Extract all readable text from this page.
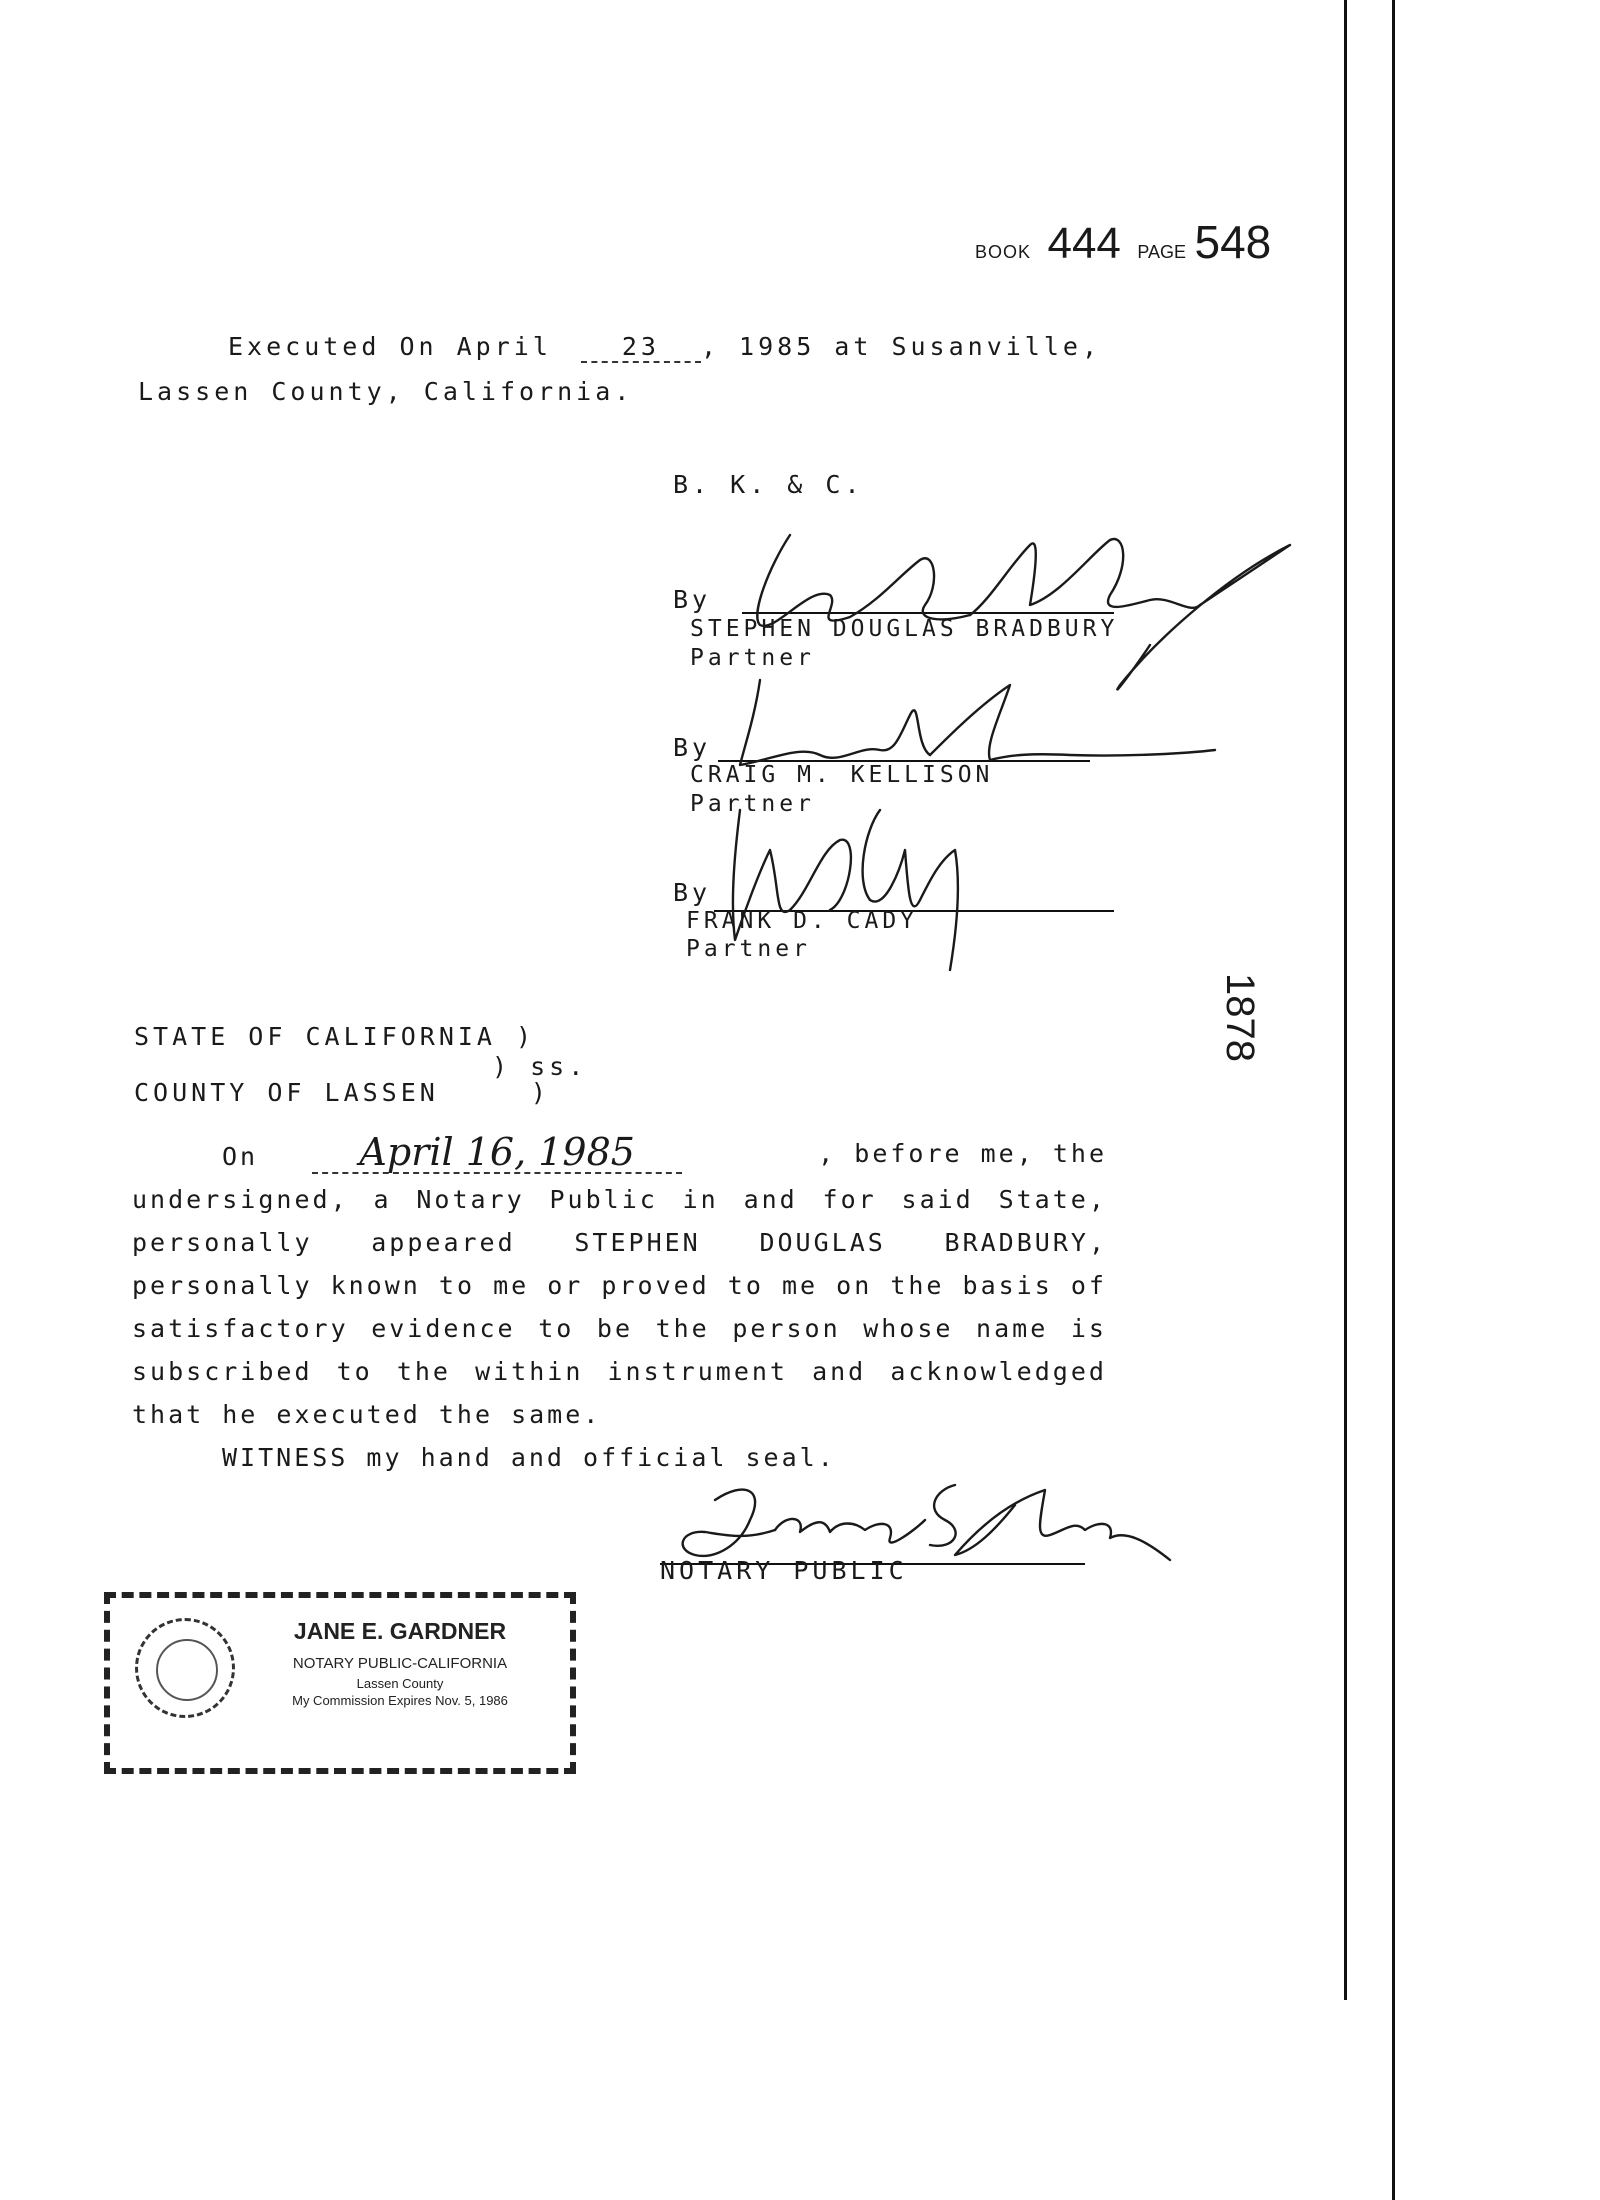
BOOK 444 PAGE 548
Executed On April	23 , 1985 at Susanville,
Lassen County, California.
B. K. & C.
By
STEPHEN DOUGLAS BRADBURY
Partner
By
CRAIG M. KELLISON
Partner
By
FRANK D. CADY
Partner
1878
STATE OF CALIFORNIA )
) ss.
COUNTY OF LASSEN	)
On	April 16, 1985	, before me, the
undersigned, a Notary Public in and for said State,
personally appeared STEPHEN DOUGLAS BRADBURY,
personally known to me or proved to me on the basis of
satisfactory evidence to be the person whose name is
subscribed to the within instrument and acknowledged
that he executed the same.
WITNESS my hand and official seal.
NOTARY PUBLIC
JANE E. GARDNER
NOTARY PUBLIC-CALIFORNIA
Lassen County
My Commission Expires Nov. 5, 1986
